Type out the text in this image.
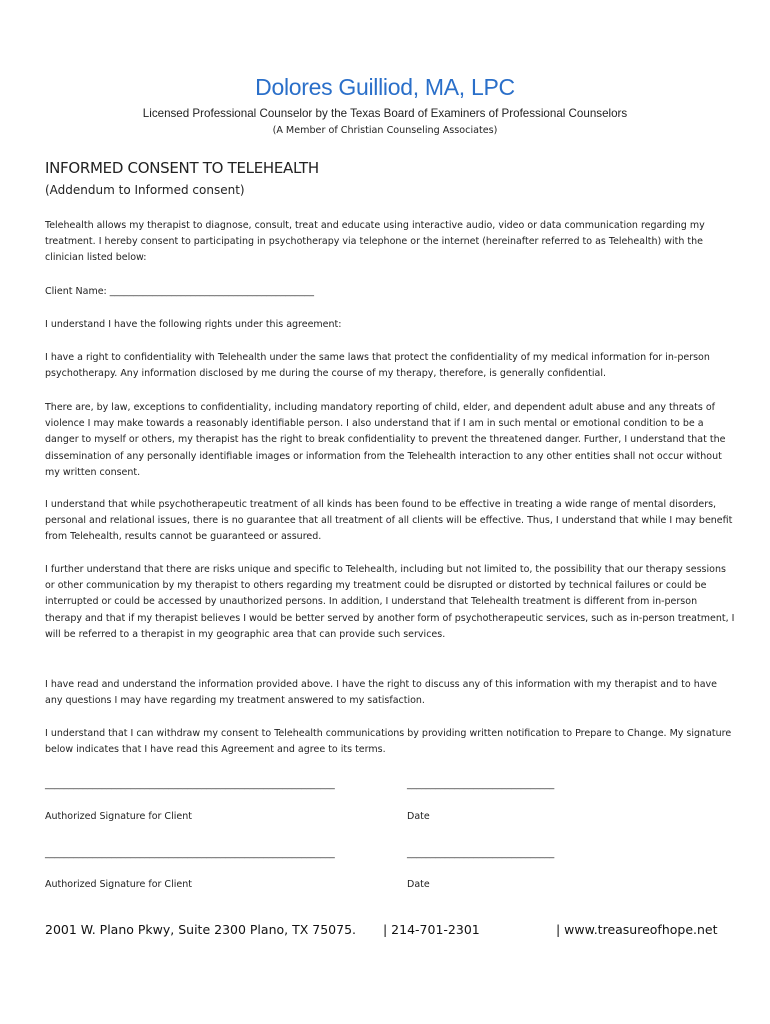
Dolores Guilliod, MA, LPC
Licensed Professional Counselor by the Texas Board of Examiners of Professional Counselors
(A Member of Christian Counseling Associates)
INFORMED CONSENT TO TELEHEALTH
(Addendum to Informed consent)
Telehealth allows my therapist to diagnose, consult, treat and educate using interactive audio, video or data communication regarding my treatment. I hereby consent to participating in psychotherapy via telephone or the internet (hereinafter referred to as Telehealth) with the clinician listed below:
Client Name: ___________________________________________
I understand I have the following rights under this agreement:
I have a right to confidentiality with Telehealth under the same laws that protect the confidentiality of my medical information for in-person psychotherapy. Any information disclosed by me during the course of my therapy, therefore, is generally confidential.
There are, by law, exceptions to confidentiality, including mandatory reporting of child, elder, and dependent adult abuse and any threats of violence I may make towards a reasonably identifiable person. I also understand that if I am in such mental or emotional condition to be a danger to myself or others, my therapist has the right to break confidentiality to prevent the threatened danger. Further, I understand that the dissemination of any personally identifiable images or information from the Telehealth interaction to any other entities shall not occur without my written consent.
I understand that while psychotherapeutic treatment of all kinds has been found to be effective in treating a wide range of mental disorders, personal and relational issues, there is no guarantee that all treatment of all clients will be effective. Thus, I understand that while I may benefit from Telehealth, results cannot be guaranteed or assured.
I further understand that there are risks unique and specific to Telehealth, including but not limited to, the possibility that our therapy sessions or other communication by my therapist to others regarding my treatment could be disrupted or distorted by technical failures or could be interrupted or could be accessed by unauthorized persons. In addition, I understand that Telehealth treatment is different from in-person therapy and that if my therapist believes I would be better served by another form of psychotherapeutic services, such as in-person treatment, I will be referred to a therapist in my geographic area that can provide such services.
I have read and understand the information provided above. I have the right to discuss any of this information with my therapist and to have any questions I may have regarding my treatment answered to my satisfaction.
I understand that I can withdraw my consent to Telehealth communications by providing written notification to Prepare to Change. My signature below indicates that I have read this Agreement and agree to its terms.
_____________________________________________________________	_______________________________
Authorized Signature for Client	Date
_____________________________________________________________	_______________________________
Authorized Signature for Client	Date
2001 W. Plano Pkwy, Suite 2300 Plano, TX 75075. | 214-701-2301	| www.treasureofhope.net
